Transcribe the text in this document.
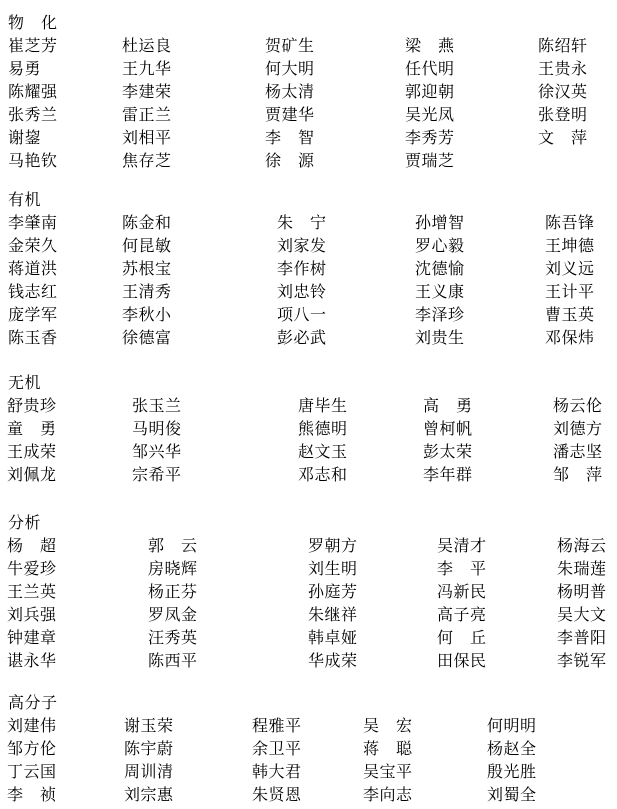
物　化
崔芝芳	杜运良	贺矿生	梁　燕	陈绍轩
易勇	王九华	何大明	任代明	王贵永
陈耀强	李建荣	杨太清	郭迎朝	徐汉英
张秀兰	雷正兰	贾建华	吴光凤	张登明
谢鋆	刘相平	李　智	李秀芳	文　萍
马艳钦	焦存芝	徐　源	贾瑞芝
有机
李肇南	陈金和	朱　宁	孙增智	陈吾锋
金荣久	何昆敏	刘家发	罗心毅	王坤德
蒋道洪	苏根宝	李作树	沈德愉	刘义远
钱志红	王清秀	刘忠铃	王义康	王计平
庞学军	李秋小	项八一	李泽珍	曹玉英
陈玉香	徐德富	彭必武	刘贵生	邓保炜
无机
舒贵珍	张玉兰	唐毕生	高　勇	杨云伦
童　勇	马明俊	熊德明	曾柯帆	刘德方
王成荣	邹兴华	赵文玉	彭太荣	潘志坚
刘佩龙	宗希平	邓志和	李年群	邹　萍
分析
杨　超	郭　云	罗朝方	吴清才	杨海云
牛爱珍	房晓辉	刘生明	李　平	朱瑞莲
王兰英	杨正芬	孙庭芳	冯新民	杨明普
刘兵强	罗凤金	朱继祥	高子亮	吴大文
钟建章	汪秀英	韩卓娅	何　丘	李普阳
谌永华	陈西平	华成荣	田保民	李锐军
高分子
刘建伟	谢玉荣	程雅平	吴　宏	何明明
邹方伦	陈宇蔚	余卫平	蒋　聪	杨赵全
丁云国	周训清	韩大君	吴宝平	殷光胜
李　祯	刘宗惠	朱贤恩	李向志	刘蜀全
